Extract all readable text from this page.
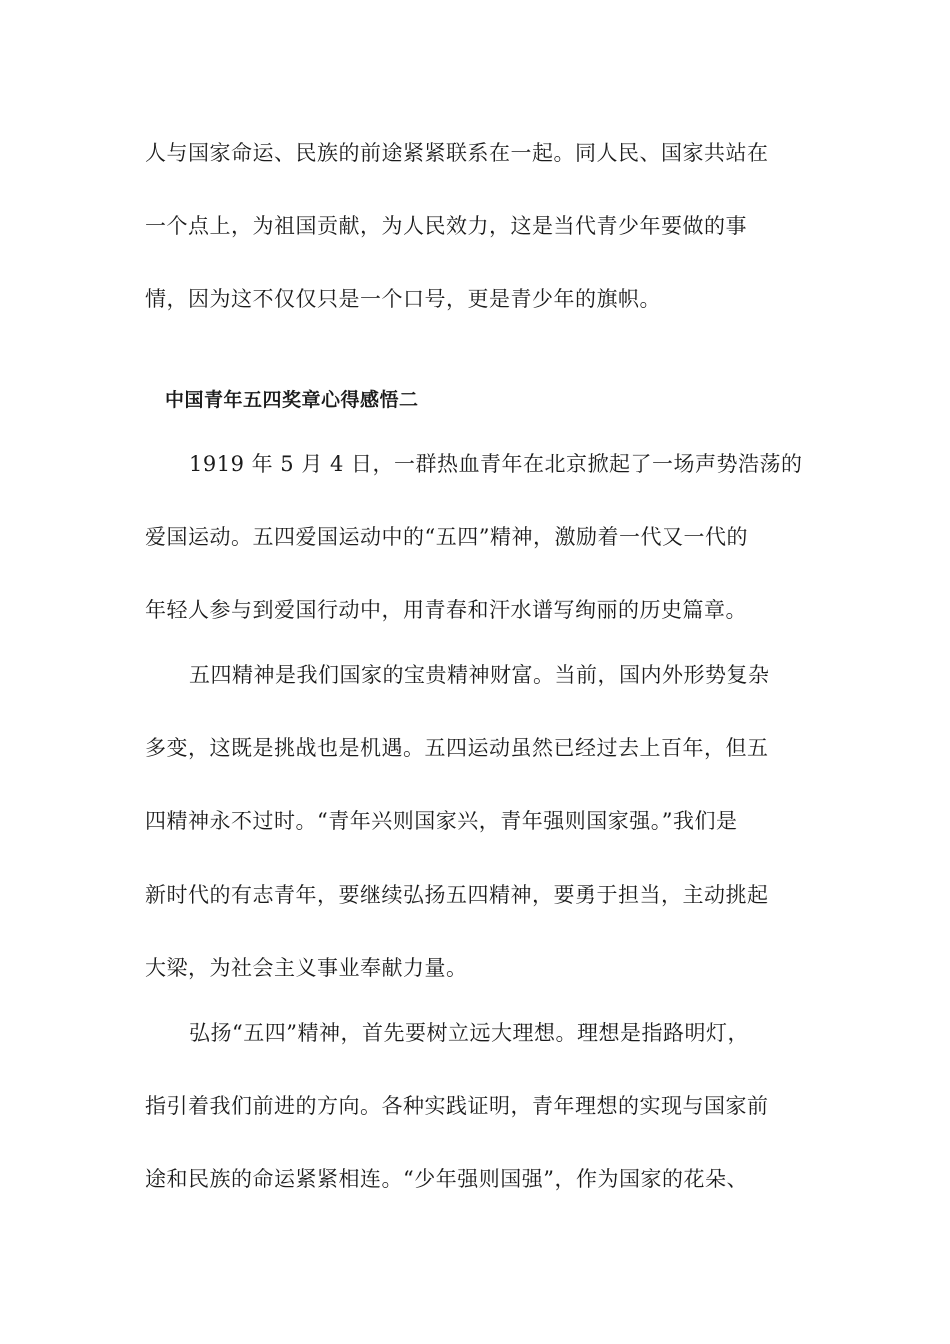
人与国家命运、民族的前途紧紧联系在一起。同人民、国家共站在
一个点上，为祖国贡献，为人民效力，这是当代青少年要做的事
情，因为这不仅仅只是一个口号，更是青少年的旗帜。
中国青年五四奖章心得感悟二
1919 年 5 月 4 日，一群热血青年在北京掀起了一场声势浩荡的
爱国运动。五四爱国运动中的“五四”精神，激励着一代又一代的
年轻人参与到爱国行动中，用青春和汗水谱写绚丽的历史篇章。
五四精神是我们国家的宝贵精神财富。当前，国内外形势复杂
多变，这既是挑战也是机遇。五四运动虽然已经过去上百年，但五
四精神永不过时。“青年兴则国家兴，青年强则国家强。”我们是
新时代的有志青年，要继续弘扬五四精神，要勇于担当，主动挑起
大梁，为社会主义事业奉献力量。
弘扬“五四”精神，首先要树立远大理想。理想是指路明灯，
指引着我们前进的方向。各种实践证明，青年理想的实现与国家前
途和民族的命运紧紧相连。“少年强则国强”，作为国家的花朵、
